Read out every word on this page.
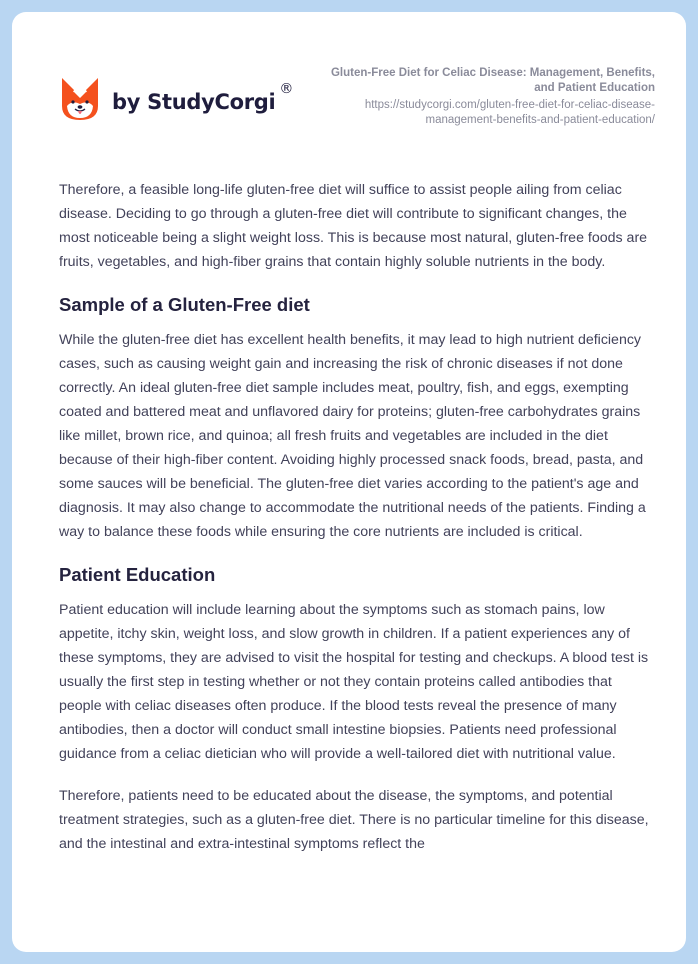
by StudyCorgi
®
Gluten-Free Diet for Celiac Disease: Management, Benefits, and Patient Education
https://studycorgi.com/gluten-free-diet-for-celiac-disease-management-benefits-and-patient-education/

Therefore, a feasible long-life gluten-free diet will suffice to assist people ailing from celiac disease. Deciding to go through a gluten-free diet will contribute to significant changes, the most noticeable being a slight weight loss. This is because most natural, gluten-free foods are fruits, vegetables, and high-fiber grains that contain highly soluble nutrients in the body.

Sample of a Gluten-Free diet

While the gluten-free diet has excellent health benefits, it may lead to high nutrient deficiency cases, such as causing weight gain and increasing the risk of chronic diseases if not done correctly. An ideal gluten-free diet sample includes meat, poultry, fish, and eggs, exempting coated and battered meat and unflavored dairy for proteins; gluten-free carbohydrates grains like millet, brown rice, and quinoa; all fresh fruits and vegetables are included in the diet because of their high-fiber content. Avoiding highly processed snack foods, bread, pasta, and some sauces will be beneficial. The gluten-free diet varies according to the patient's age and diagnosis. It may also change to accommodate the nutritional needs of the patients. Finding a way to balance these foods while ensuring the core nutrients are included is critical.

Patient Education

Patient education will include learning about the symptoms such as stomach pains, low appetite, itchy skin, weight loss, and slow growth in children. If a patient experiences any of these symptoms, they are advised to visit the hospital for testing and checkups. A blood test is usually the first step in testing whether or not they contain proteins called antibodies that people with celiac diseases often produce. If the blood tests reveal the presence of many antibodies, then a doctor will conduct small intestine biopsies. Patients need professional guidance from a celiac dietician who will provide a well-tailored diet with nutritional value.

Therefore, patients need to be educated about the disease, the symptoms, and potential treatment strategies, such as a gluten-free diet. There is no particular timeline for this disease, and the intestinal and extra-intestinal symptoms reflect the
